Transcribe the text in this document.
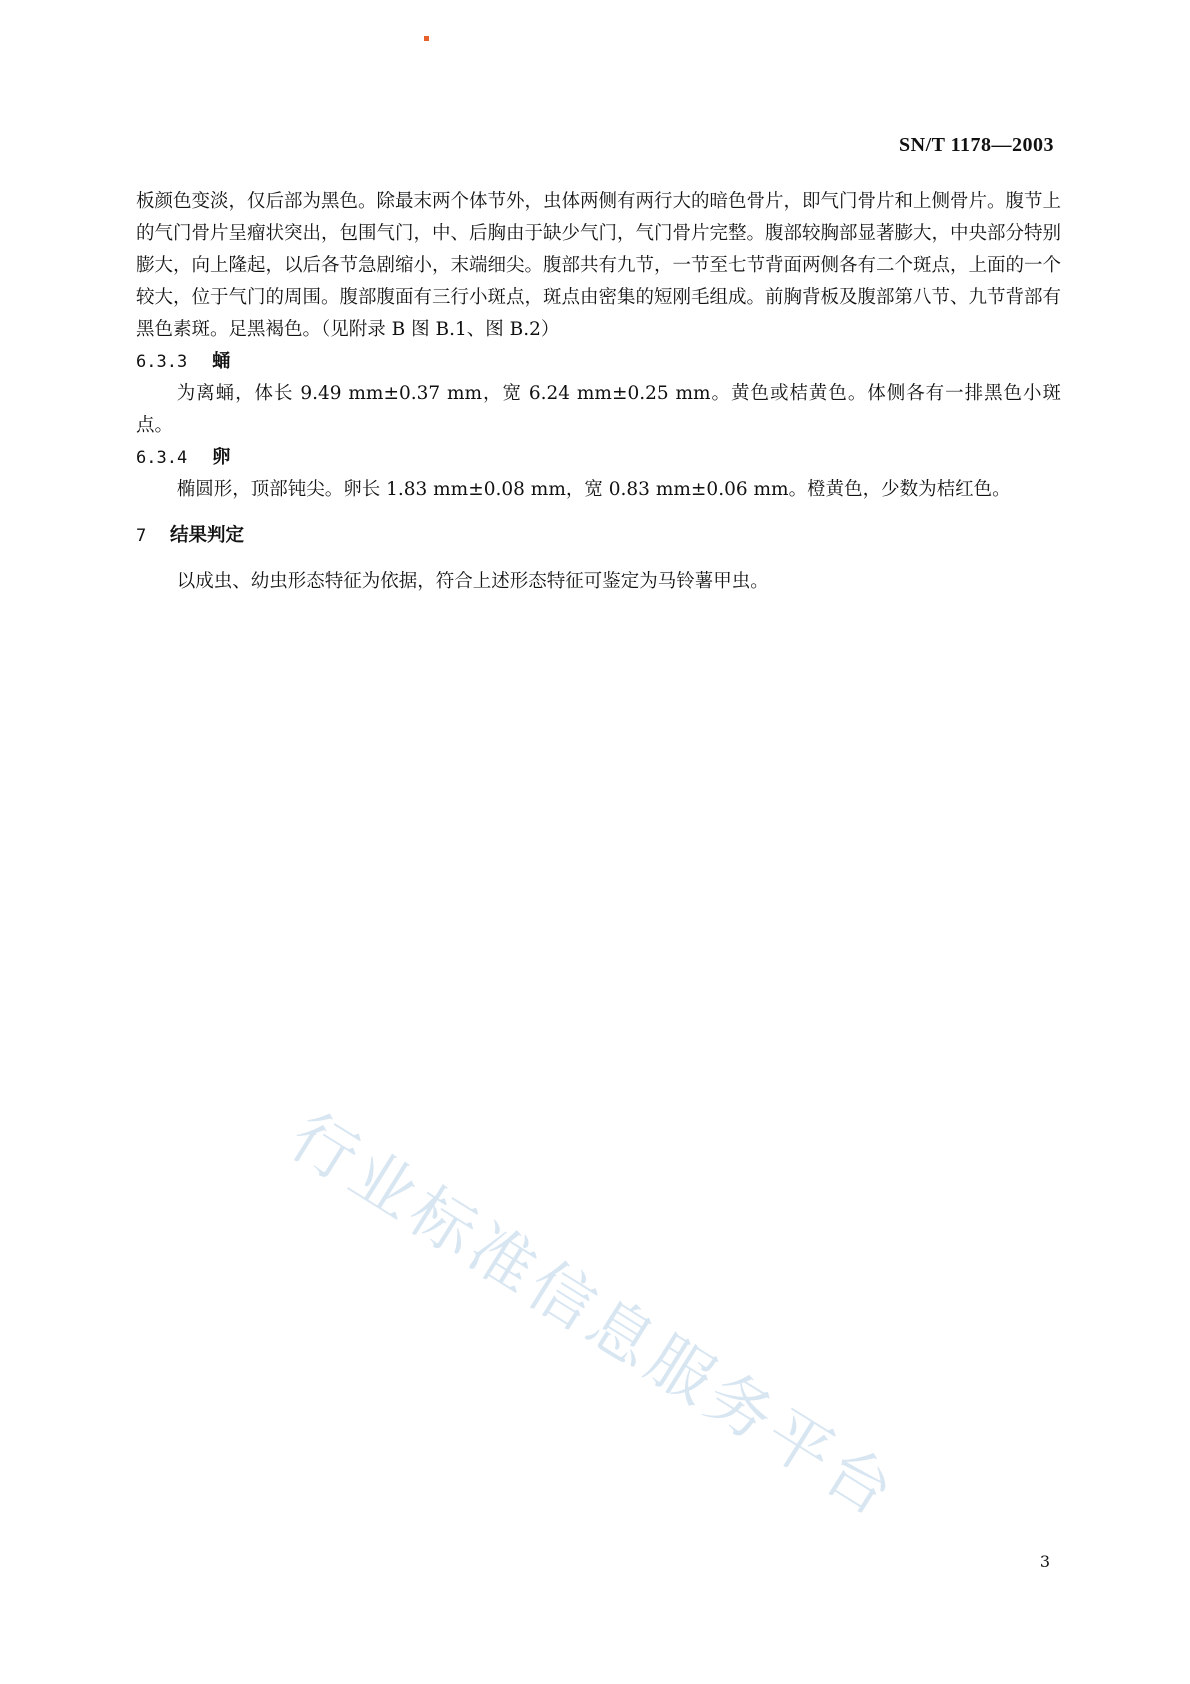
SN/T 1178—2003

板颜色变淡，仅后部为黑色。除最末两个体节外，虫体两侧有两行大的暗色骨片，即气门骨片和上侧骨片。腹节上的气门骨片呈瘤状突出，包围气门，中、后胸由于缺少气门，气门骨片完整。腹部较胸部显著膨大，中央部分特别膨大，向上隆起，以后各节急剧缩小，末端细尖。腹部共有九节，一节至七节背面两侧各有二个斑点，上面的一个较大，位于气门的周围。腹部腹面有三行小斑点，斑点由密集的短刚毛组成。前胸背板及腹部第八节、九节背部有黑色素斑。足黑褐色。（见附录 B 图 B.1、图 B.2）

6.3.3 蛹

为离蛹，体长 9.49 mm±0.37 mm，宽 6.24 mm±0.25 mm。黄色或桔黄色。体侧各有一排黑色小斑点。

6.3.4 卵

椭圆形，顶部钝尖。卵长 1.83 mm±0.08 mm，宽 0.83 mm±0.06 mm。橙黄色，少数为桔红色。

7 结果判定

以成虫、幼虫形态特征为依据，符合上述形态特征可鉴定为马铃薯甲虫。

行业标准信息服务平台
3
